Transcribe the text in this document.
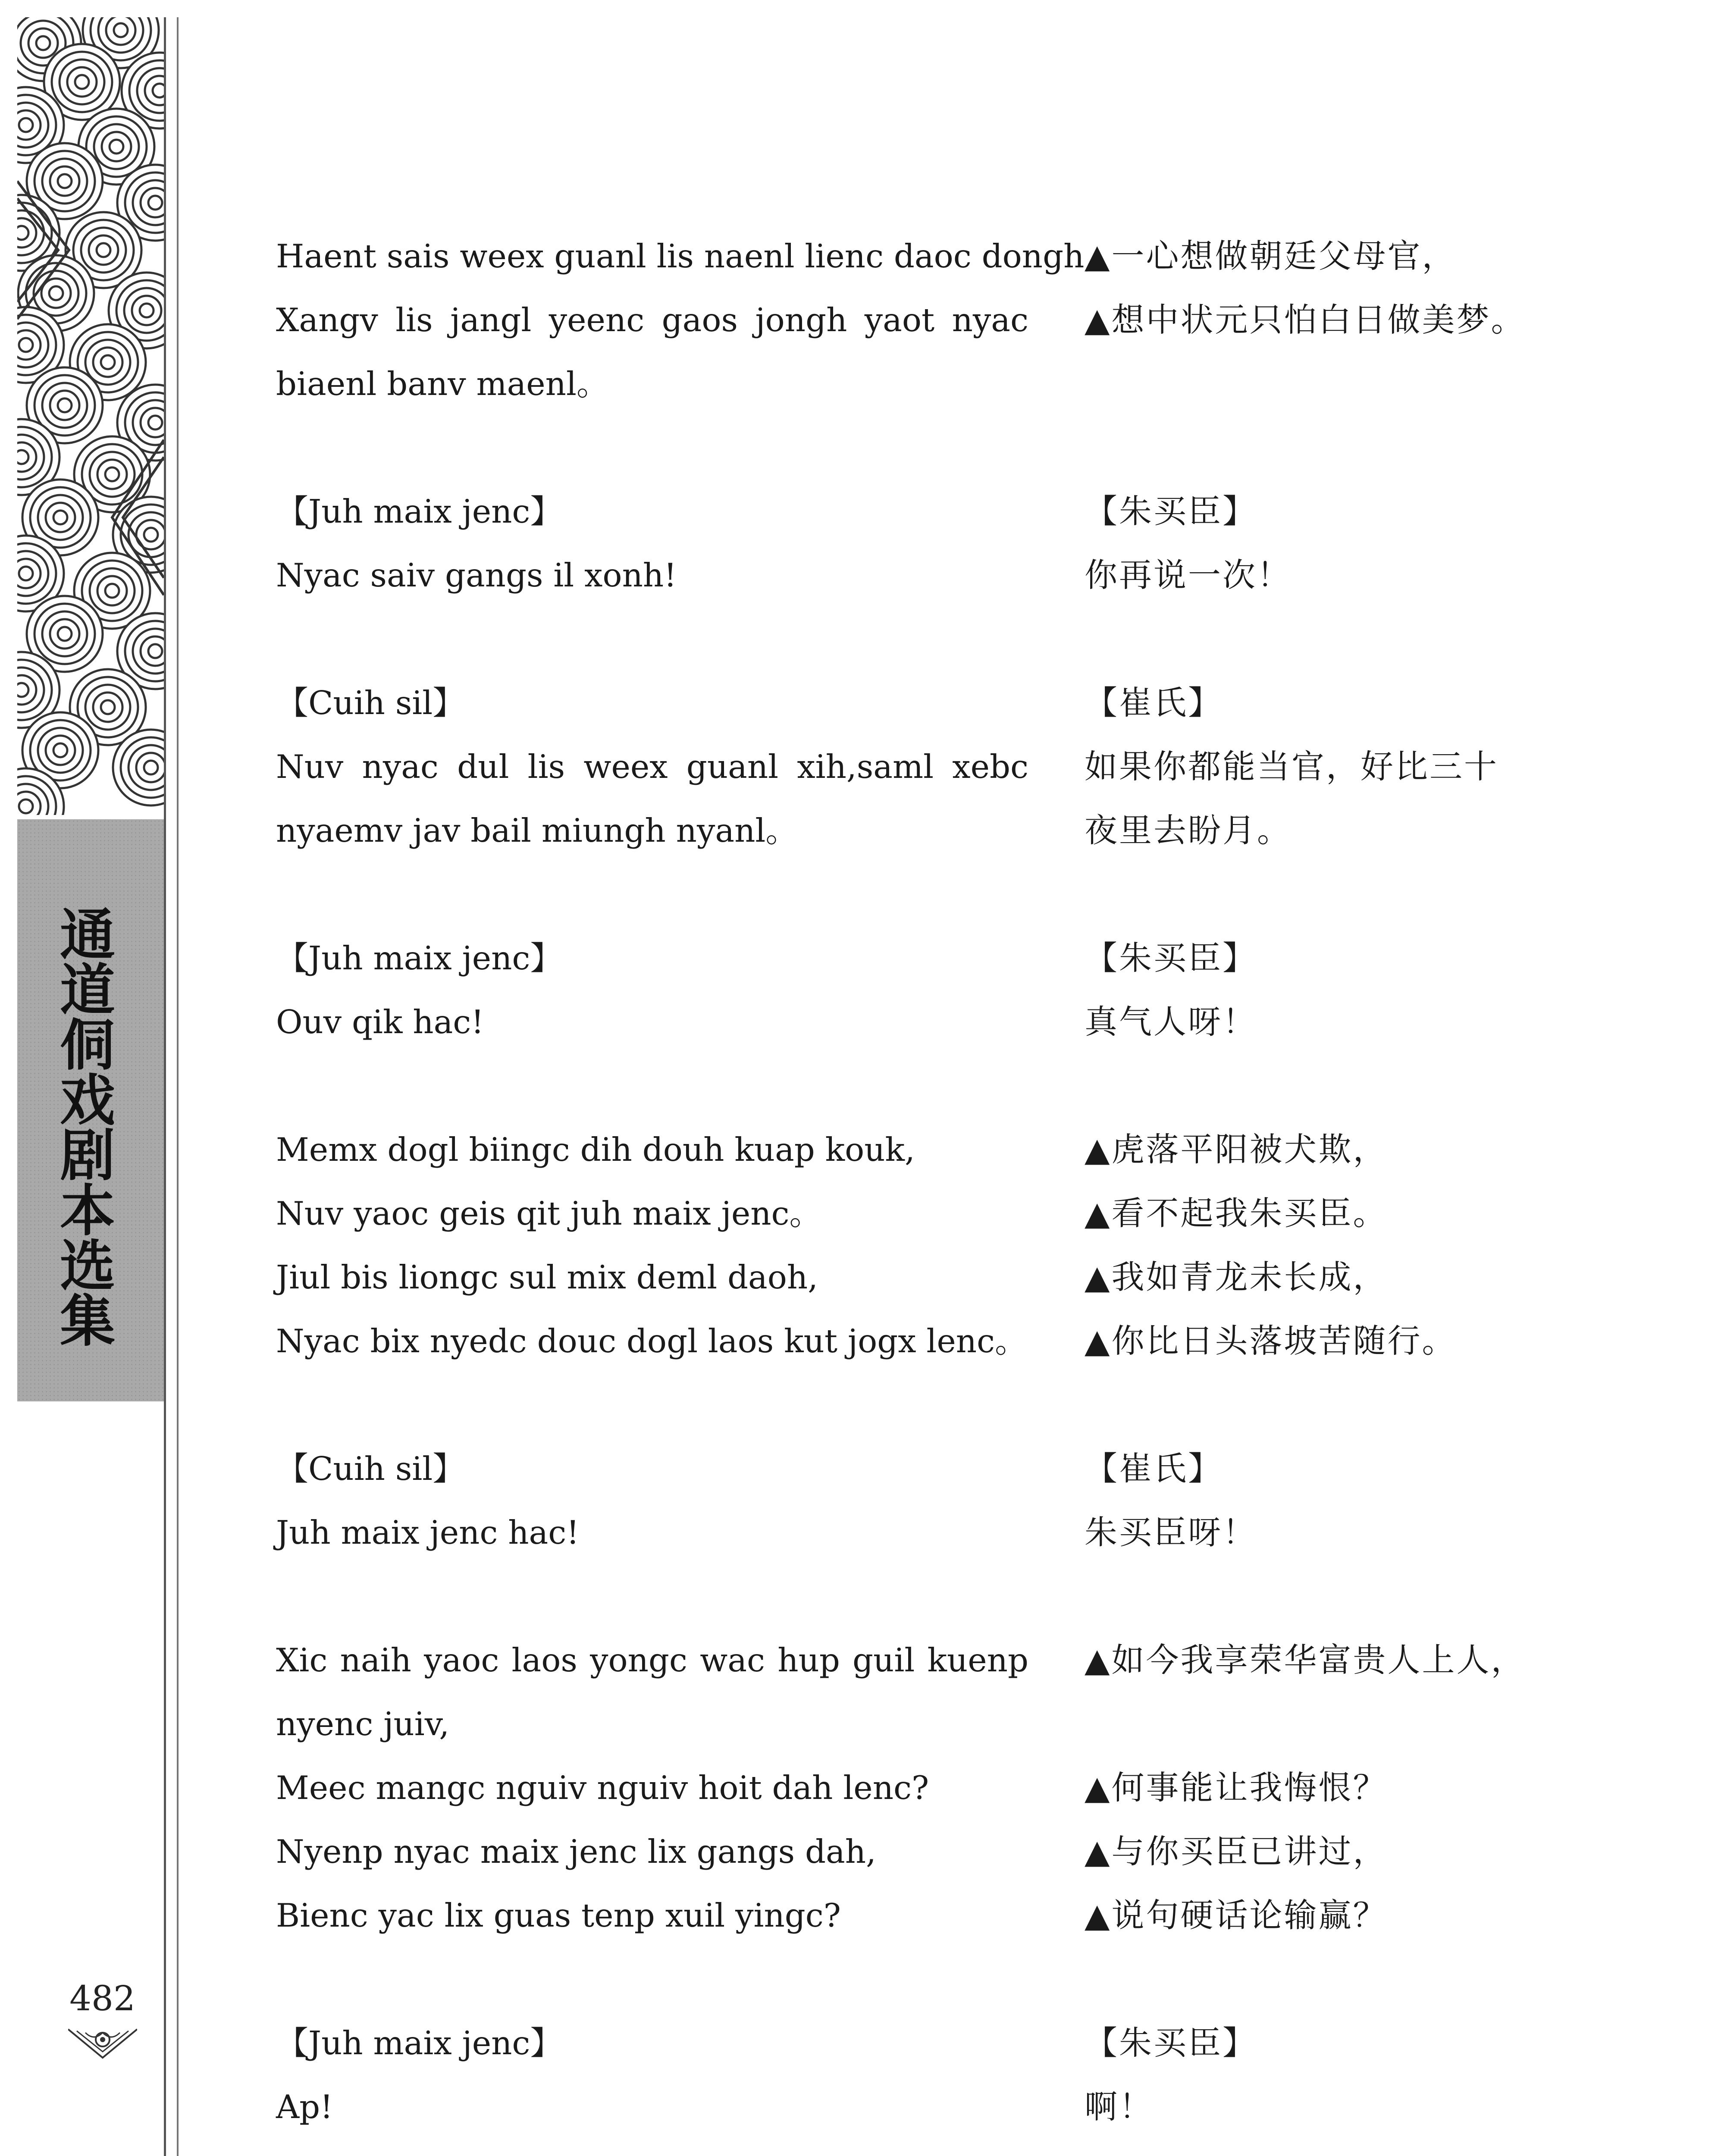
通道侗戏剧本选集
482
Haent sais weex guanl lis naenl lienc daoc dongh,
Xangv lis jangl yeenc gaos jongh yaot nyac
biaenl banv maenl。
▲一心想做朝廷父母官，
▲想中状元只怕白日做美梦。
【Juh maix jenc】
Nyac saiv gangs il xonh!
【朱买臣】
你再说一次！
【Cuih sil】
Nuv nyac dul lis weex guanl xih,saml xebc
nyaemv jav bail miungh nyanl。
【崔氏】
如果你都能当官，好比三十
夜里去盼月。
【Juh maix jenc】
Ouv qik hac!
【朱买臣】
真气人呀！
Memx dogl biingc dih douh kuap kouk,
Nuv yaoc geis qit juh maix jenc。
Jiul bis liongc sul mix deml daoh,
Nyac bix nyedc douc dogl laos kut jogx lenc。
▲虎落平阳被犬欺，
▲看不起我朱买臣。
▲我如青龙未长成，
▲你比日头落坡苦随行。
【Cuih sil】
Juh maix jenc hac!
【崔氏】
朱买臣呀！
Xic naih yaoc laos yongc wac hup guil kuenp
nyenc juiv,
Meec mangc nguiv nguiv hoit dah lenc?
Nyenp nyac maix jenc lix gangs dah,
Bienc yac lix guas tenp xuil yingc?
▲如今我享荣华富贵人上人，
▲何事能让我悔恨？
▲与你买臣已讲过，
▲说句硬话论输赢？
【Juh maix jenc】
Ap!
【朱买臣】
啊！
